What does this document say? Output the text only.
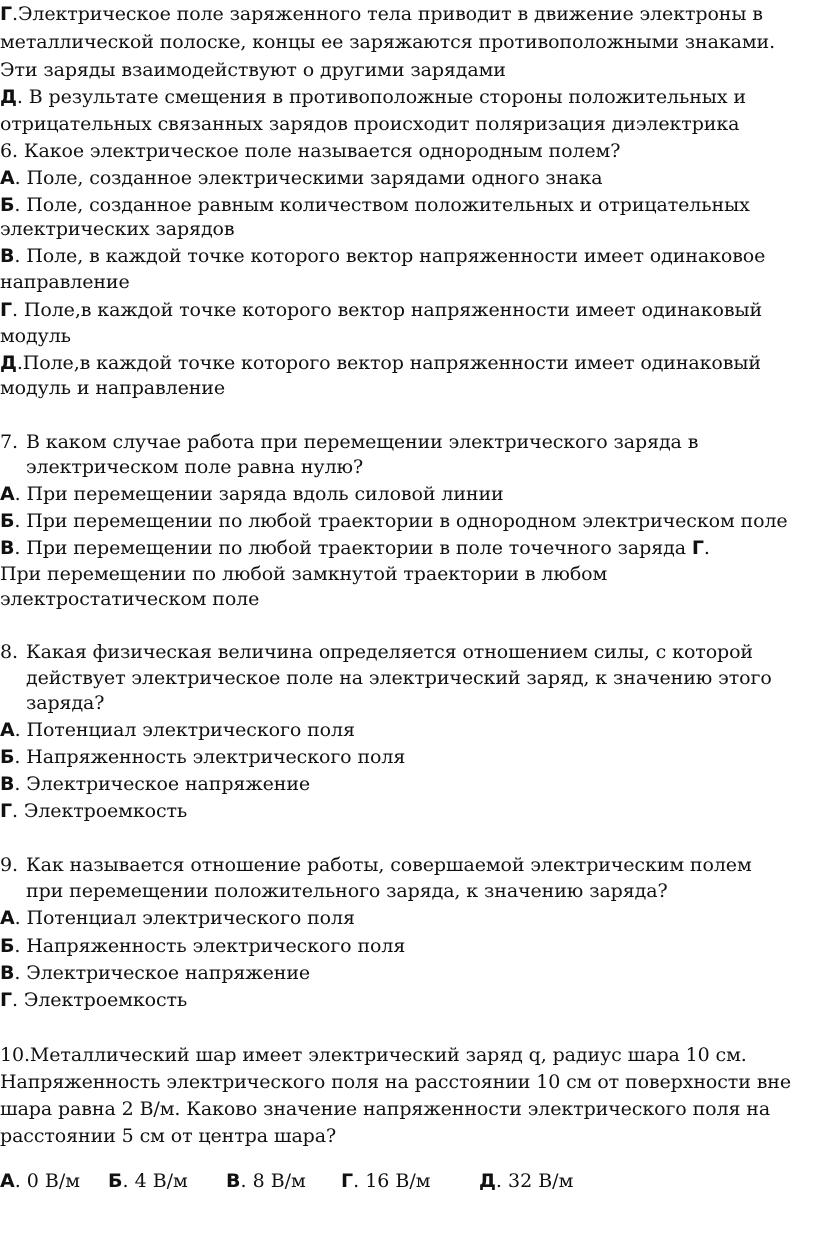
Г.Электрическое поле заряженного тела приводит в движение электроны в
металлической полоске, концы ее заряжаются противоположными знаками.
Эти заряды взаимодействуют о другими зарядами
Д. В результате смещения в противоположные стороны положительных и
отрицательных связанных зарядов происходит поляризация диэлектрика
6. Какое электрическое поле называется однородным полем?
А. Поле, созданное электрическими зарядами одного знака
Б. Поле, созданное равным количеством положительных и отрицательных
электрических зарядов
В. Поле, в каждой точке которого вектор напряженности имеет одинаковое
направление
Г. Поле,в каждой точке которого вектор напряженности имеет одинаковый
модуль
Д.Поле,в каждой точке которого вектор напряженности имеет одинаковый
модуль и направление
7. В каком случае работа при перемещении электрического заряда в
электрическом поле равна нулю?
А. При перемещении заряда вдоль силовой линии
Б. При перемещении по любой траектории в однородном электрическом поле
В. При перемещении по любой траектории в поле точечного заряда Г.
При перемещении по любой замкнутой траектории в любом
электростатическом поле
8. Какая физическая величина определяется отношением силы, с которой
действует электрическое поле на электрический заряд, к значению этого
заряда?
А. Потенциал электрического поля
Б. Напряженность электрического поля
В. Электрическое напряжение
Г. Электроемкость
9. Как называется отношение работы, совершаемой электрическим полем
при перемещении положительного заряда, к значению заряда?
А. Потенциал электрического поля
Б. Напряженность электрического поля
В. Электрическое напряжение
Г. Электроемкость
10.Металлический шар имеет электрический заряд q, радиус шара 10 см.
Напряженность электрического поля на расстоянии 10 см от поверхности вне
шара равна 2 В/м. Каково значение напряженности электрического поля на
расстоянии 5 см от центра шара?
А. 0 В/м Б. 4 В/м В. 8 В/м Г. 16 В/м	Д. 32 В/м
